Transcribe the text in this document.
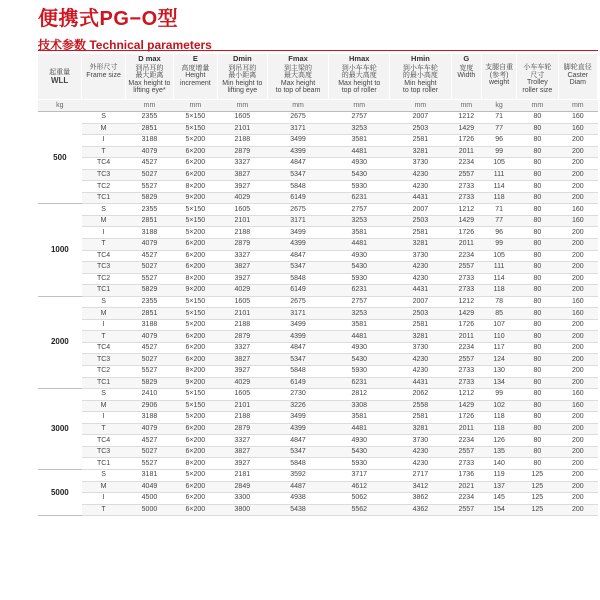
便携式PG−O型
技术参数 Technical parameters
起重量
WLL	外形尺寸
Frame size	D max
到吊耳的
最大距离
Max height to
lifting eye*	E
高度增量
Height
increment	Dmin
到吊耳的
最小距离
Min height to
lifting eye	Fmax
到主梁的
最大高度
Max height
to top of beam	Hmax
到小车车轮
的最大高度
Max height to
top of roller	Hmin
到小车车轮
的最小高度
Min height
to top roller	G
宽度
Width	支腿自重
(参考)
weight	小车车轮
尺寸
Trolley
roller size	脚轮直径
Caster
Diam

kg		mm	mm	mm	mm	mm	mm	mm	kg	mm	mm
500	S	2355	5×150	1605	2675	2757	2007	1212	71	80	160
	M	2851	5×150	2101	3171	3253	2503	1429	77	80	160
	I	3188	5×200	2188	3499	3581	2581	1726	96	80	200
	T	4079	6×200	2879	4399	4481	3281	2011	99	80	200
	TC4	4527	6×200	3327	4847	4930	3730	2234	105	80	200
	TC3	5027	6×200	3827	5347	5430	4230	2557	111	80	200
	TC2	5527	8×200	3927	5848	5930	4230	2733	114	80	200
	TC1	5829	9×200	4029	6149	6231	4431	2733	118	80	200
1000	S	2355	5×150	1605	2675	2757	2007	1212	71	80	160
	M	2851	5×150	2101	3171	3253	2503	1429	77	80	160
	I	3188	5×200	2188	3499	3581	2581	1726	96	80	200
	T	4079	6×200	2879	4399	4481	3281	2011	99	80	200
	TC4	4527	6×200	3327	4847	4930	3730	2234	105	80	200
	TC3	5027	6×200	3827	5347	5430	4230	2557	111	80	200
	TC2	5527	8×200	3927	5848	5930	4230	2733	114	80	200
	TC1	5829	9×200	4029	6149	6231	4431	2733	118	80	200
2000	S	2355	5×150	1605	2675	2757	2007	1212	78	80	160
	M	2851	5×150	2101	3171	3253	2503	1429	85	80	160
	I	3188	5×200	2188	3499	3581	2581	1726	107	80	200
	T	4079	6×200	2879	4399	4481	3281	2011	110	80	200
	TC4	4527	6×200	3327	4847	4930	3730	2234	117	80	200
	TC3	5027	6×200	3827	5347	5430	4230	2557	124	80	200
	TC2	5527	8×200	3927	5848	5930	4230	2733	130	80	200
	TC1	5829	9×200	4029	6149	6231	4431	2733	134	80	200
3000	S	2410	5×150	1605	2730	2812	2062	1212	99	80	160
	M	2906	5×150	2101	3226	3308	2558	1429	102	80	160
	I	3188	5×200	2188	3499	3581	2581	1726	118	80	200
	T	4079	6×200	2879	4399	4481	3281	2011	118	80	200
	TC4	4527	6×200	3327	4847	4930	3730	2234	126	80	200
	TC3	5027	6×200	3827	5347	5430	4230	2557	135	80	200
	TC1	5527	8×200	3927	5848	5930	4230	2733	140	80	200
5000	S	3181	5×200	2181	3592	3717	2717	1736	119	125	200
	M	4049	6×200	2849	4487	4612	3412	2021	137	125	200
	I	4500	6×200	3300	4938	5062	3862	2234	145	125	200
	T	5000	6×200	3800	5438	5562	4362	2557	154	125	200
